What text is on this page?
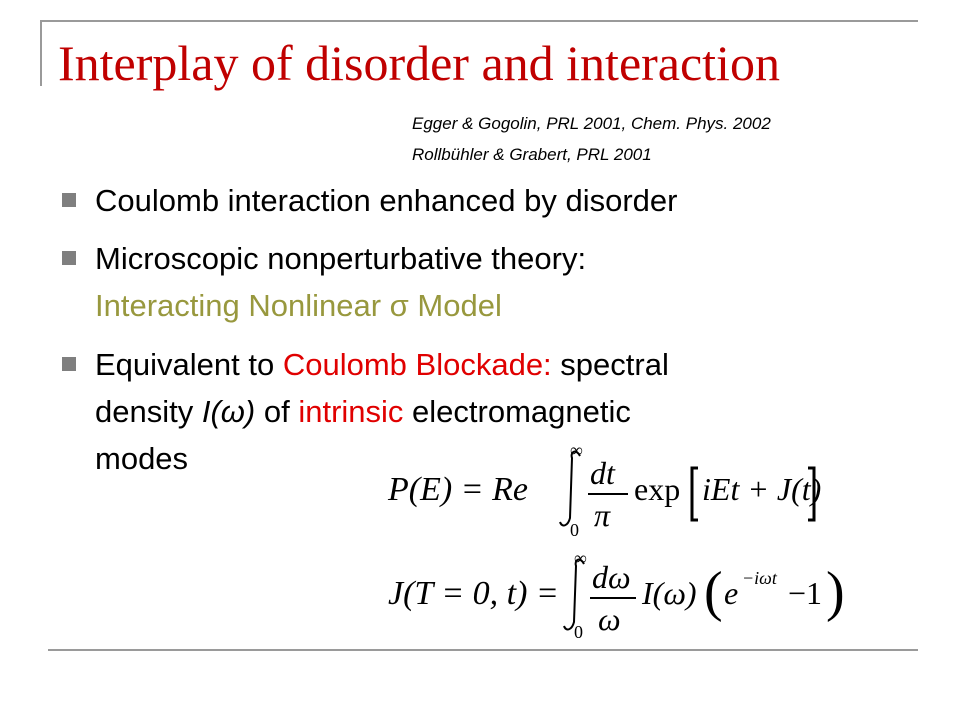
Interplay of disorder and interaction
Egger & Gogolin, PRL 2001, Chem. Phys. 2002
Rollbühler & Grabert, PRL 2001
Coulomb interaction enhanced by disorder
Microscopic nonperturbative theory:
Interacting Nonlinear σ Model
Equivalent to Coulomb Blockade: spectral
density I(ω) of intrinsic electromagnetic
modes
P(E) = Re
∞
0
dt
π
exp iEt + J(t)
J(T = 0, t) =
∞
0
dω
ω
I(ω) ( e −iωt −1 )
